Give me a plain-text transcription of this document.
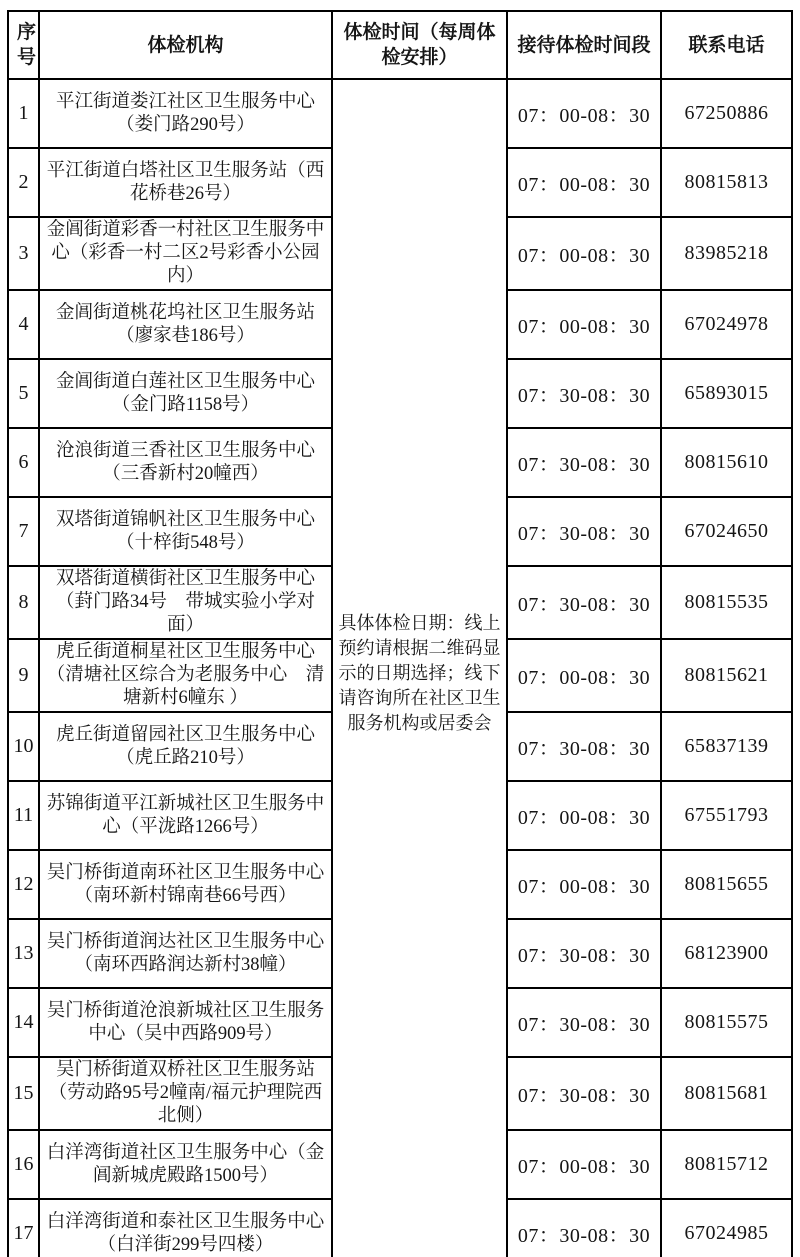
序号	体检机构	体检时间（每周体检安排）	接待体检时间段	联系电话
1	平江街道娄江社区卫生服务中心（娄门路290号）	具体体检日期：线上预约请根据二维码显示的日期选择；线下请咨询所在社区卫生服务机构或居委会	07：00-08：30	67250886
2	平江街道白塔社区卫生服务站（西花桥巷26号）		07：00-08：30	80815813
3	金阊街道彩香一村社区卫生服务中心（彩香一村二区2号彩香小公园内）		07：00-08：30	83985218
4	金阊街道桃花坞社区卫生服务站（廖家巷186号）		07：00-08：30	67024978
5	金阊街道白莲社区卫生服务中心（金门路1158号）		07：30-08：30	65893015
6	沧浪街道三香社区卫生服务中心（三香新村20幢西）		07：30-08：30	80815610
7	双塔街道锦帆社区卫生服务中心（十梓街548号）		07：30-08：30	67024650
8	双塔街道横街社区卫生服务中心（葑门路34号　带城实验小学对面）		07：30-08：30	80815535
9	虎丘街道桐星社区卫生服务中心（清塘社区综合为老服务中心　清塘新村6幢东 ）		07：00-08：30	80815621
10	虎丘街道留园社区卫生服务中心（虎丘路210号）		07：30-08：30	65837139
11	苏锦街道平江新城社区卫生服务中心（平泷路1266号）		07：00-08：30	67551793
12	吴门桥街道南环社区卫生服务中心（南环新村锦南巷66号西）		07：00-08：30	80815655
13	吴门桥街道润达社区卫生服务中心（南环西路润达新村38幢）		07：30-08：30	68123900
14	吴门桥街道沧浪新城社区卫生服务中心（吴中西路909号）		07：30-08：30	80815575
15	吴门桥街道双桥社区卫生服务站（劳动路95号2幢南/福元护理院西北侧）		07：30-08：30	80815681
16	白洋湾街道社区卫生服务中心（金阊新城虎殿路1500号）		07：00-08：30	80815712
17	白洋湾街道和泰社区卫生服务中心（白洋街299号四楼）		07：30-08：30	67024985
